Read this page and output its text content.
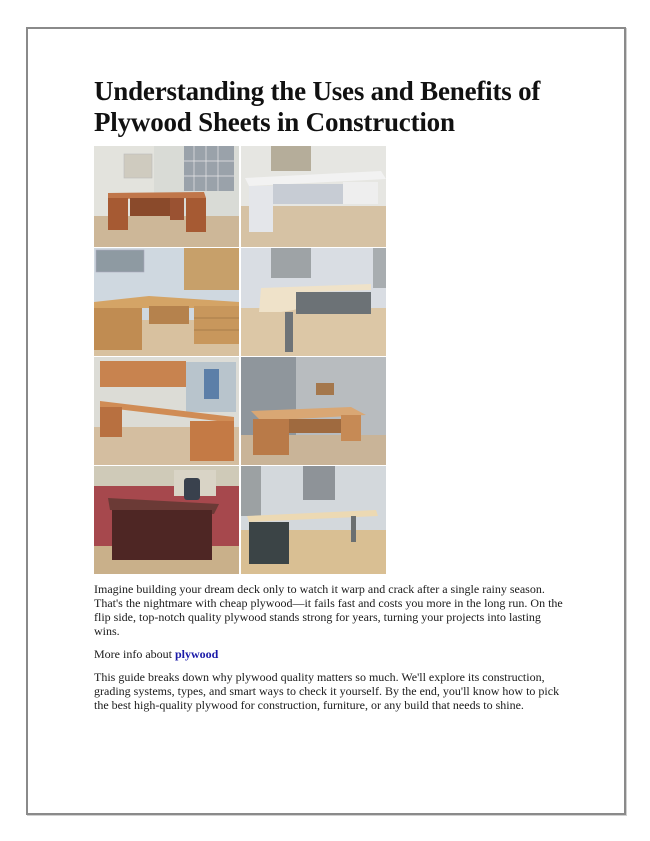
Understanding the Uses and Benefits of
Plywood Sheets in Construction

Imagine building your dream deck only to watch it warp and crack after a single rainy season. That's the nightmare with cheap plywood—it fails fast and costs you more in the long run. On the flip side, top-notch quality plywood stands strong for years, turning your projects into lasting wins.

More info about plywood

This guide breaks down why plywood quality matters so much. We'll explore its construction, grading systems, types, and smart ways to check it yourself. By the end, you'll know how to pick the best high-quality plywood for construction, furniture, or any build that needs to shine.
